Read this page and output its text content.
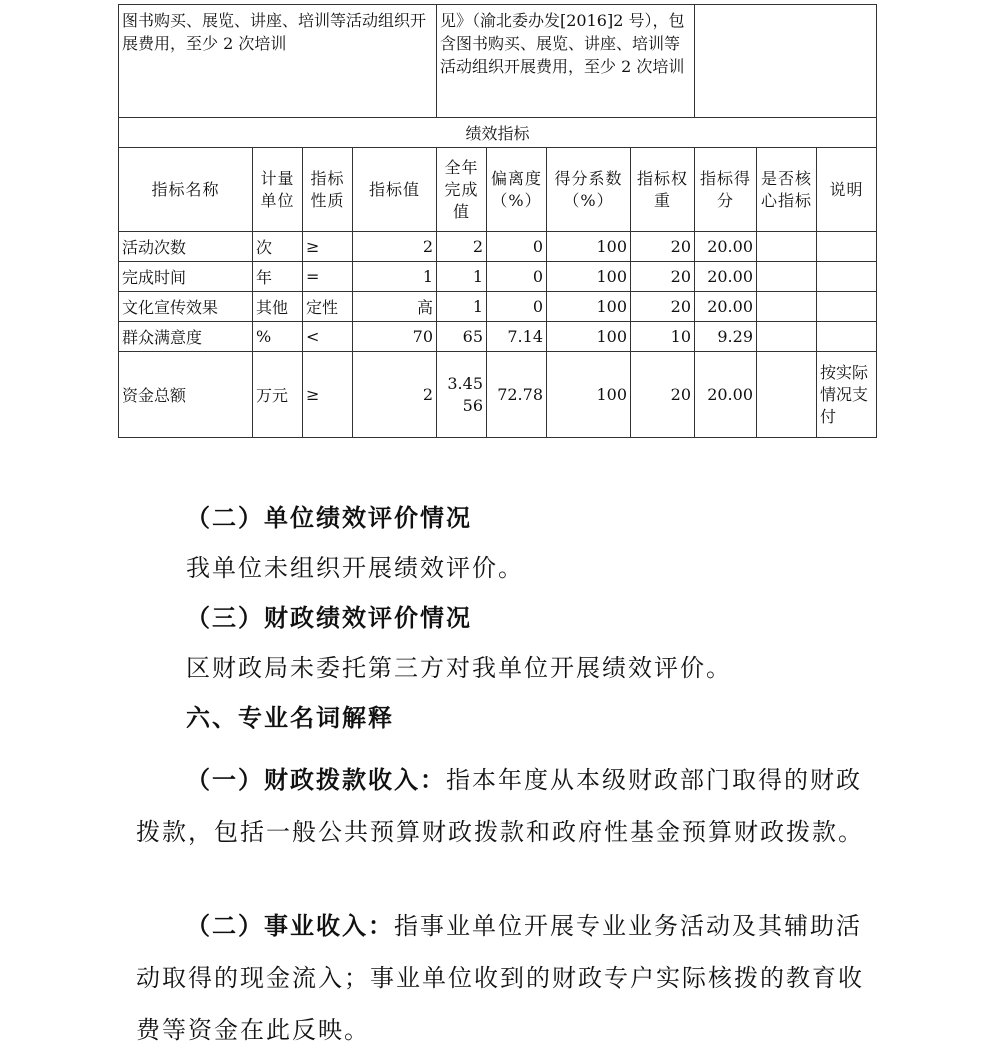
图书购买、展览、讲座、培训等活动组织开展费用，至少 2 次培训				见》（渝北委办发[2016]2 号），包含图书购买、展览、讲座、培训等活动组织开展费用，至少 2 次培训						
绩效指标										
指标名称	计量单位	指标性质	指标值	全年完成值	偏离度（%）	得分系数（%）	指标权重	指标得分	是否核心指标	说明
活动次数	次	≥	2	2	0	100	20	20.00		
完成时间	年	=	1	1	0	100	20	20.00		
文化宣传效果	其他	定性	高	1	0	100	20	20.00		
群众满意度	%	<	70	65	7.14	100	10	9.29		
资金总额	万元	≥	2	3.4556	72.78	100	20	20.00		按实际情况支付

（二）单位绩效评价情况

我单位未组织开展绩效评价。

（三）财政绩效评价情况

区财政局未委托第三方对我单位开展绩效评价。

六、专业名词解释

（一）财政拨款收入：指本年度从本级财政部门取得的财政拨款，包括一般公共预算财政拨款和政府性基金预算财政拨款。

（二）事业收入：指事业单位开展专业业务活动及其辅助活动取得的现金流入；事业单位收到的财政专户实际核拨的教育收费等资金在此反映。
